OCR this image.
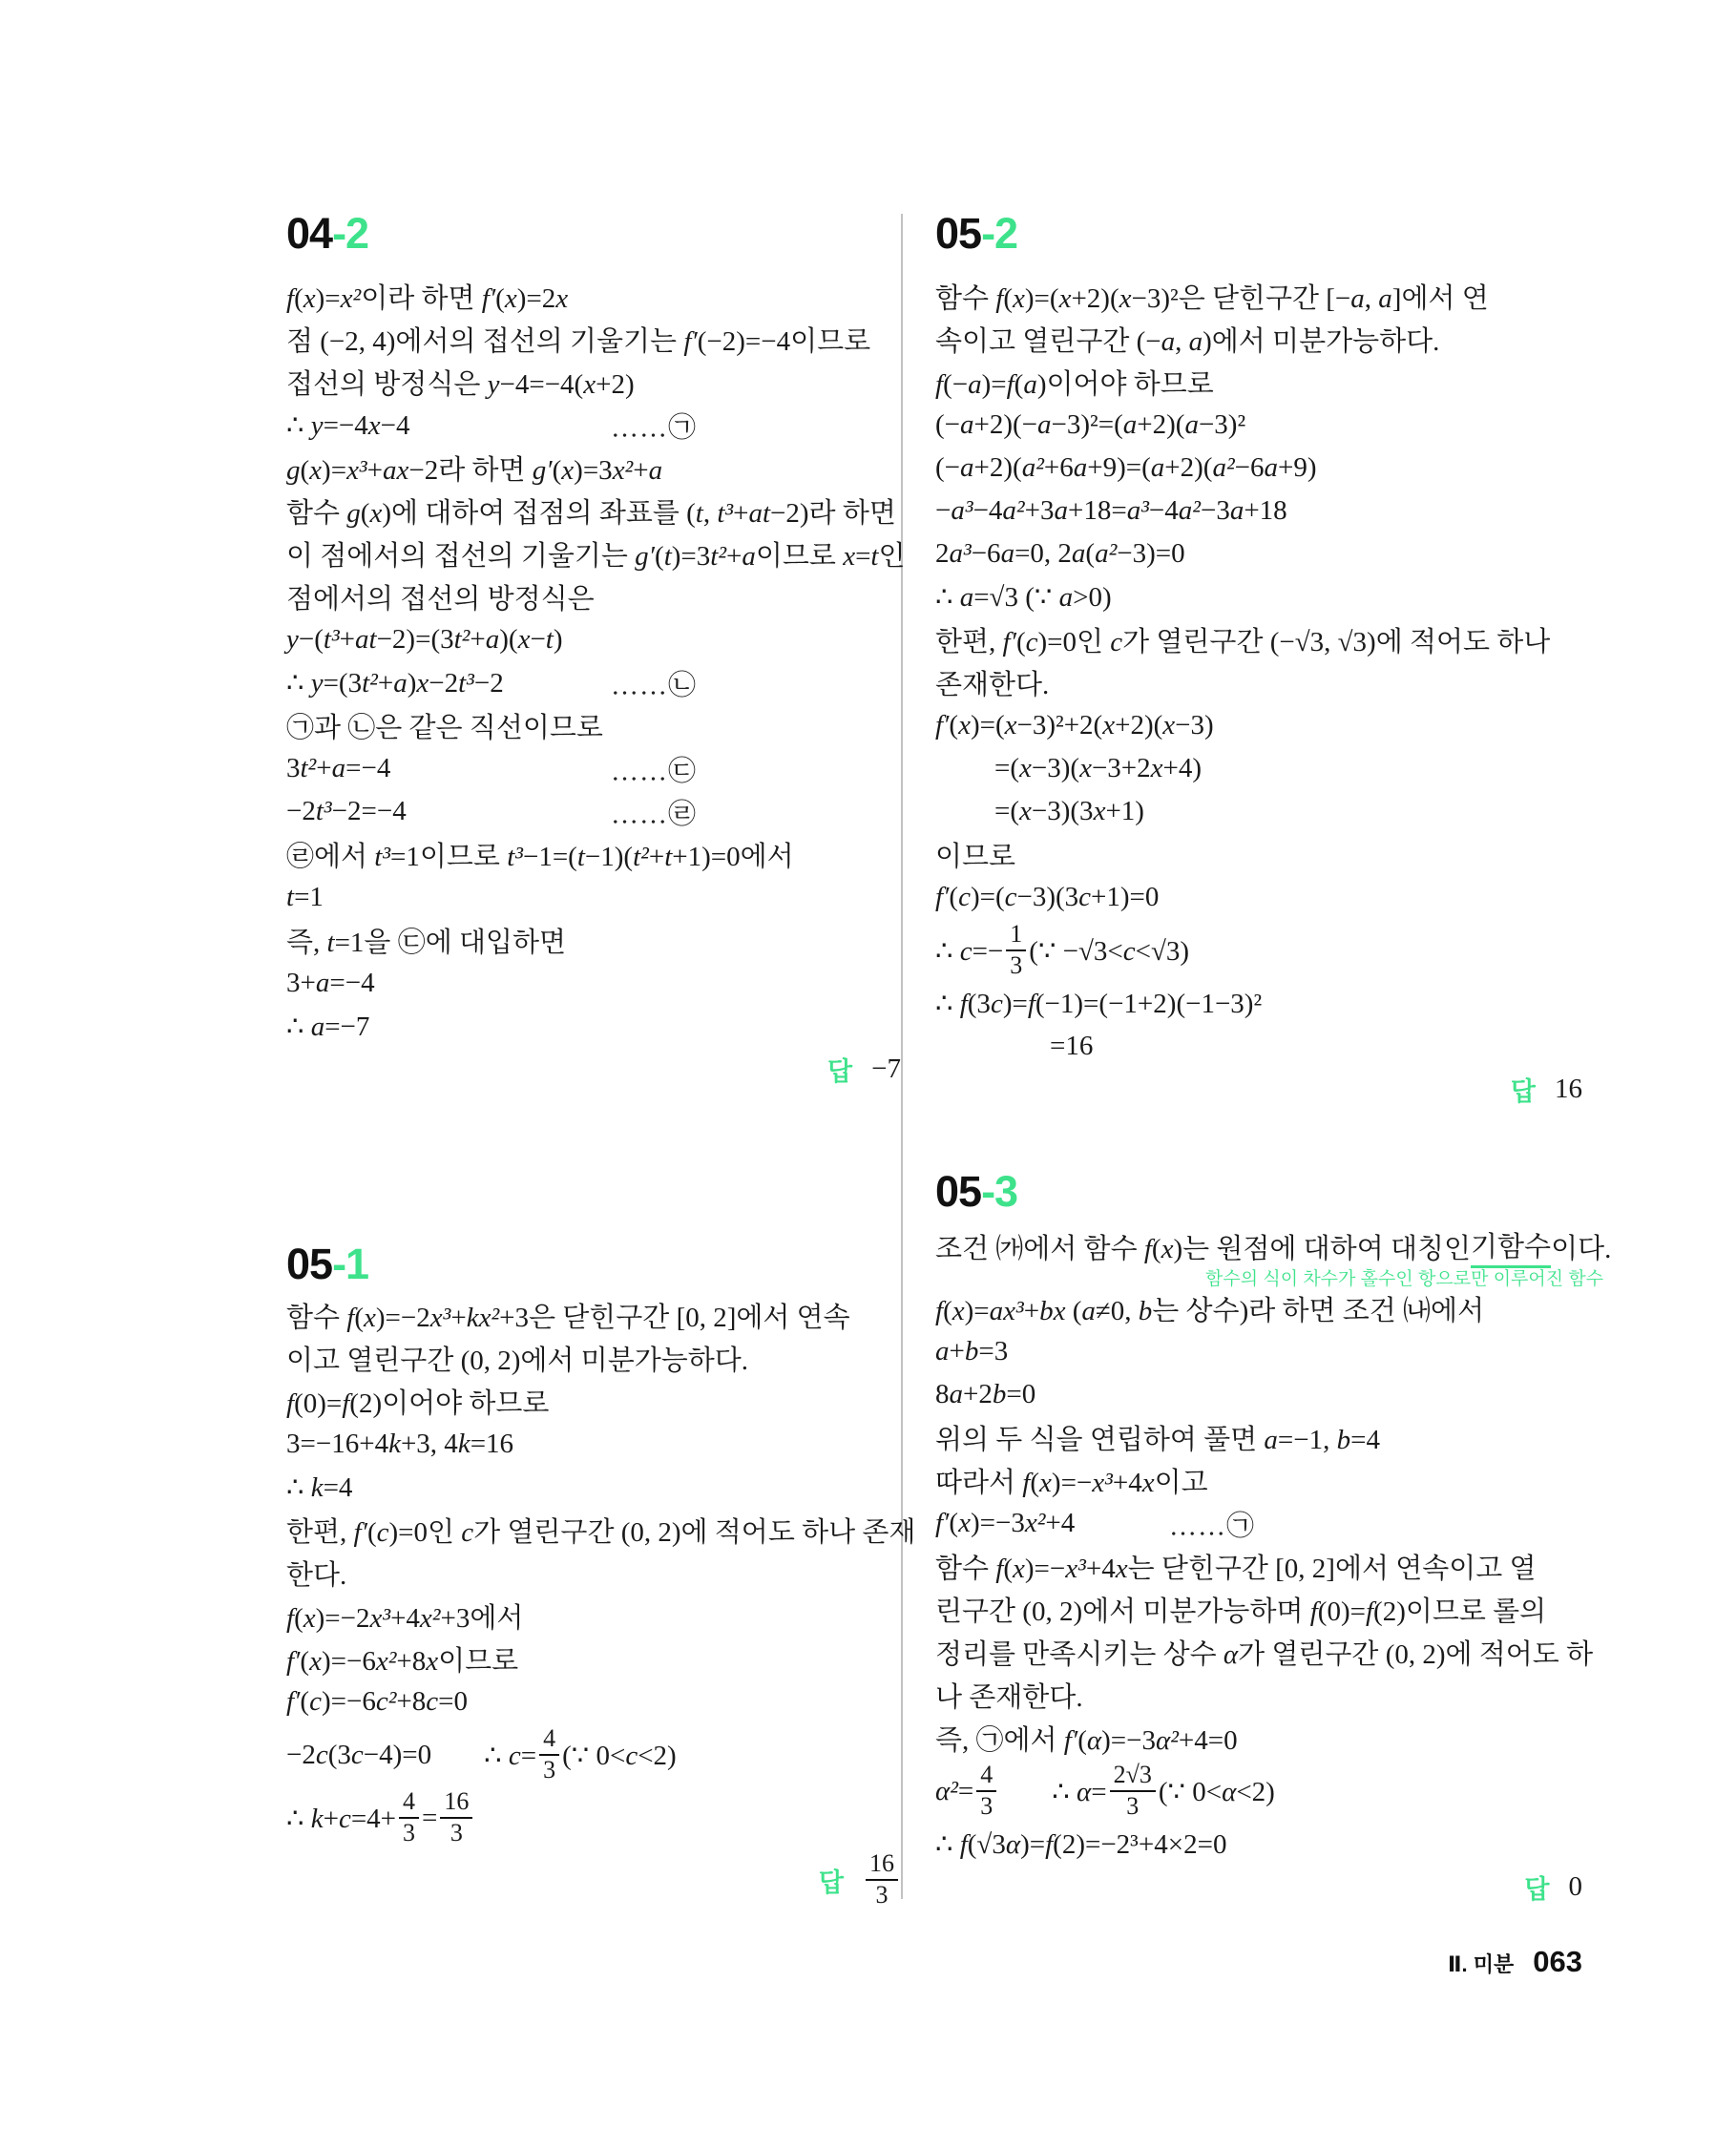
04-2
f(x)=x²이라 하면 f′(x)=2x
점 (−2, 4)에서의 접선의 기울기는 f′(−2)=−4이므로
접선의 방정식은 y−4=−4(x+2)
∴ y=−4x−4	……㉠
g(x)=x³+ax−2라 하면 g′(x)=3x²+a
함수 g(x)에 대하여 접점의 좌표를 (t, t³+at−2)라 하면
이 점에서의 접선의 기울기는 g′(t)=3t²+a이므로 x=t인
점에서의 접선의 방정식은
y−(t³+at−2)=(3t²+a)(x−t)
∴ y=(3t²+a)x−2t³−2	……㉡
㉠과 ㉡은 같은 직선이므로
3t²+a=−4	……㉢
−2t³−2=−4	……㉣
㉣에서 t³=1이므로 t³−1=(t−1)(t²+t+1)=0에서
t=1
즉, t=1을 ㉢에 대입하면
3+a=−4
∴ a=−7
답 −7
05-1
함수 f(x)=−2x³+kx²+3은 닫힌구간 [0, 2]에서 연속
이고 열린구간 (0, 2)에서 미분가능하다.
f(0)=f(2)이어야 하므로
3=−16+4k+3, 4k=16
∴ k=4
한편, f′(c)=0인 c가 열린구간 (0, 2)에 적어도 하나 존재
한다.
f(x)=−2x³+4x²+3에서
f′(x)=−6x²+8x이므로
f′(c)=−6c²+8c=0
−2c(3c−4)=0 ∴ $c= \frac{4}{3}$ (∵ 0<c<2)
∴ $k+c=4+ \frac{4}{3} = \frac{16}{3}$
답 $\frac{16}{3}$
05-2
함수 f(x)=(x+2)(x−3)²은 닫힌구간 [−a, a]에서 연
속이고 열린구간 (−a, a)에서 미분가능하다.
f(−a)=f(a)이어야 하므로
(−a+2)(−a−3)²=(a+2)(a−3)²
(−a+2)(a²+6a+9)=(a+2)(a²−6a+9)
−a³−4a²+3a+18=a³−4a²−3a+18
2a³−6a=0, 2a(a²−3)=0
∴ a=√3 (∵ a>0)
한편, f′(c)=0인 c가 열린구간 (−√3, √3)에 적어도 하나
존재한다.
f′(x)=(x−3)²+2(x+2)(x−3)
=(x−3)(x−3+2x+4)
=(x−3)(3x+1)
이므로
f′(c)=(c−3)(3c+1)=0
∴ $c=- \frac{1}{3}$ (∵ −√3<c<√3)
∴ f(3c)=f(−1)=(−1+2)(−1−3)²
=16
답 16
05-3
조건 ㈎에서 함수 f(x)는 원점에 대하여 대칭인 기함수 이다.
함수의 식이 차수가 홀수인 항으로만 이루어진 함수
f(x)=ax³+bx (a≠0, b는 상수)라 하면 조건 ㈏에서
a+b=3
8a+2b=0
위의 두 식을 연립하여 풀면 a=−1, b=4
따라서 f(x)=−x³+4x이고
f′(x)=−3x²+4	……㉠
함수 f(x)=−x³+4x는 닫힌구간 [0, 2]에서 연속이고 열
린구간 (0, 2)에서 미분가능하며 f(0)=f(2)이므로 롤의
정리를 만족시키는 상수 α가 열린구간 (0, 2)에 적어도 하
나 존재한다.
즉, ㉠에서 f′(α)=−3α²+4=0
$\alpha^2= \frac{4}{3}$ ∴ $\alpha= \frac{2√3}{3}$ (∵ 0<α<2)
∴ f(√3α)=f(2)=−2³+4×2=0
답 0
Ⅱ. 미분 063
